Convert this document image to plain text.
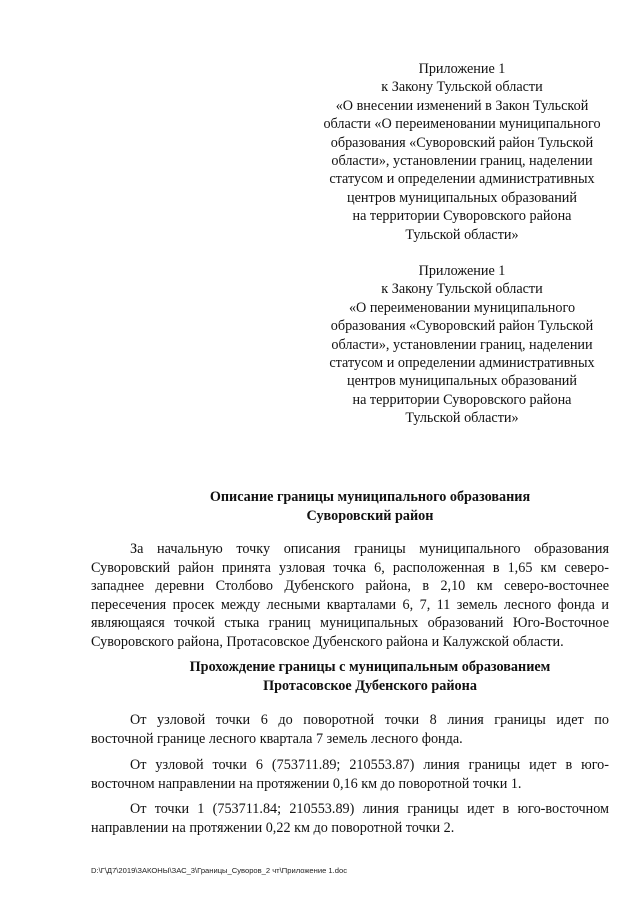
Приложение 1
к Закону Тульской области
«О внесении изменений в Закон Тульской
области «О переименовании муниципального
образования «Суворовский район Тульской
области», установлении границ, наделении
статусом и определении административных
центров муниципальных образований
на территории Суворовского района
Тульской области»
Приложение 1
к Закону Тульской области
«О переименовании муниципального
образования «Суворовский район Тульской
области», установлении границ, наделении
статусом и определении административных
центров муниципальных образований
на территории Суворовского района
Тульской области»
Описание границы муниципального образования
Суворовский район
За начальную точку описания границы муниципального образования
Суворовский район принята узловая точка 6, расположенная в 1,65 км северо-
западнее деревни Столбово Дубенского района, в 2,10 км северо-восточнее
пересечения просек между лесными кварталами 6, 7, 11 земель лесного фонда и
являющаяся точкой стыка границ муниципальных образований Юго-Восточное
Суворовского района, Протасовское Дубенского района и Калужской области.
Прохождение границы с муниципальным образованием
Протасовское Дубенского района
От узловой точки 6 до поворотной точки 8 линия границы идет по
восточной границе лесного квартала 7 земель лесного фонда.
От узловой точки 6 (753711.89; 210553.87) линия границы идет в юго-
восточном направлении на протяжении 0,16 км до поворотной точки 1.
От точки 1 (753711.84; 210553.89) линия границы идет в юго-восточном
направлении на протяжении 0,22 км до поворотной точки 2.
D:\Г\Д7\2019\ЗАКОНЫ\ЗАС_3\Границы_Суворов_2 чт\Приложение 1.doc
